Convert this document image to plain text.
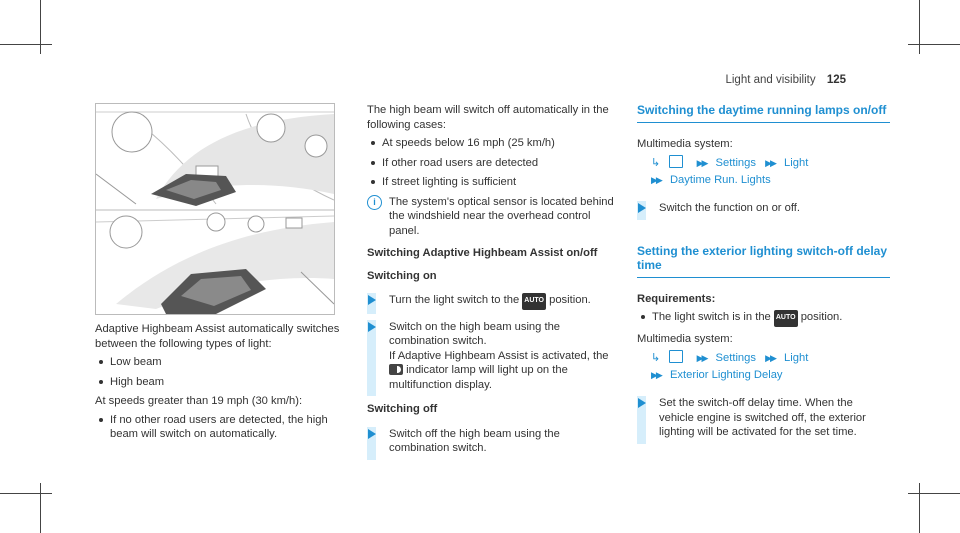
Light and visibility 125

Adaptive Highbeam Assist automatically switches between the following types of light:

Low beam
High beam

At speeds greater than 19 mph (30 km/h):

If no other road users are detected, the high beam will switch on automatically.

The high beam will switch off automatically in the following cases:

At speeds below 16 mph (25 km/h)
If other road users are detected
If street lighting is sufficient
i	The system's optical sensor is located behind the windshield near the overhead control panel.
Switching Adaptive Highbeam Assist on/off
Switching on
Turn the light switch to the AUTO position.
Switch on the high beam using the combination switch.
If Adaptive Highbeam Assist is activated, the  indicator lamp will light up on the multifunction display.
Switching off
Switch off the high beam using the combination switch.
Switching the daytime running lamps on/off

Multimedia system:

↳	▶▶ Settings ▶▶ Light
▶▶ Daytime Run. Lights
Switch the function on or off.
Setting the exterior lighting switch-off delay time

Requirements:

The light switch is in the AUTO position.

Multimedia system:

↳	▶▶ Settings ▶▶ Light
▶▶ Exterior Lighting Delay
Set the switch-off delay time. When the vehicle engine is switched off, the exterior lighting will be activated for the set time.
